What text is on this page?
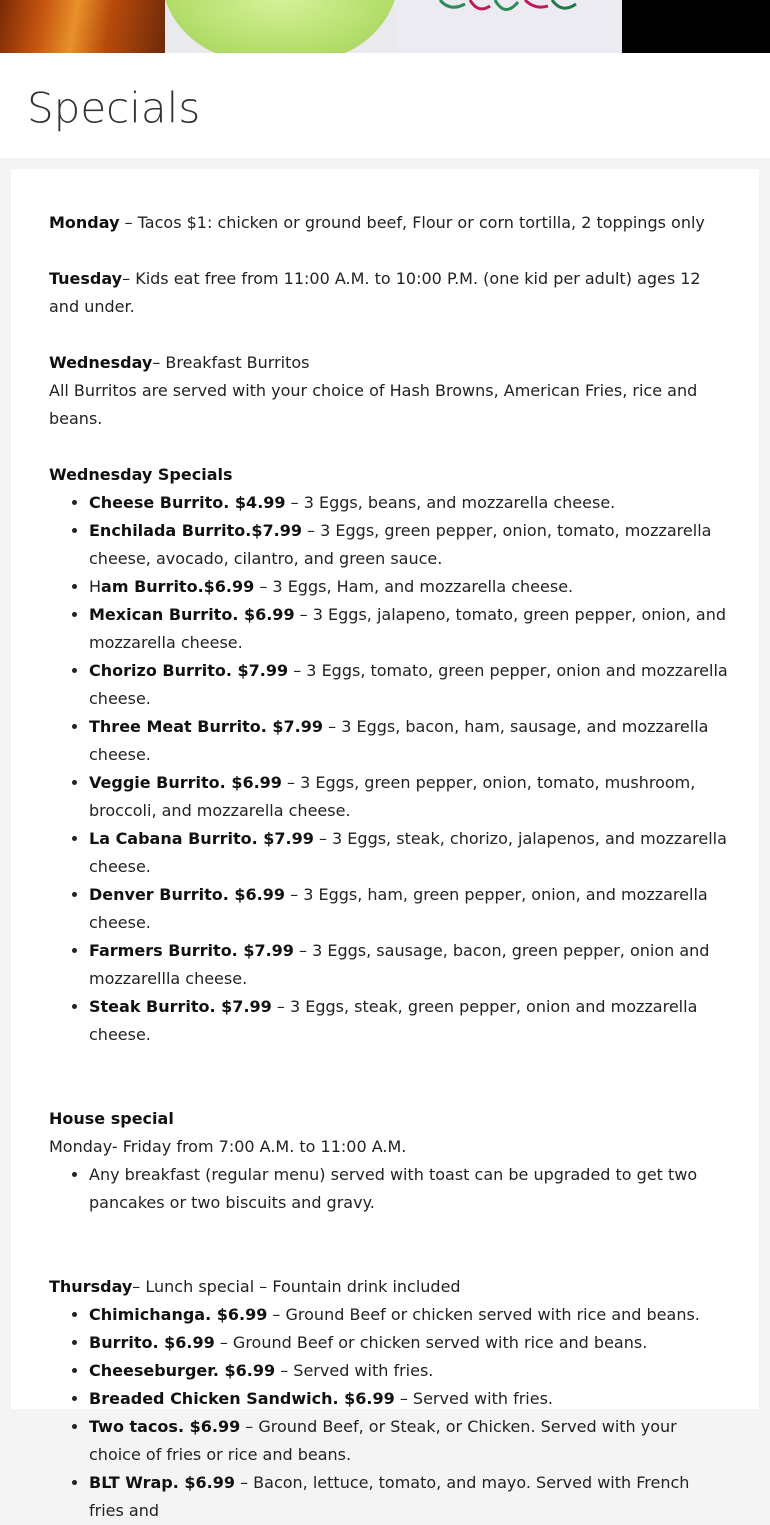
Specials

Monday – Tacos $1: chicken or ground beef, Flour or corn tortilla, 2 toppings only

Tuesday– Kids eat free from 11:00 A.M. to 10:00 P.M. (one kid per adult) ages 12 and under.

Wednesday– Breakfast Burritos

All Burritos are served with your choice of Hash Browns, American Fries, rice and beans.

Wednesday Specials

• Cheese Burrito. $4.99 – 3 Eggs, beans, and mozzarella cheese.
• Enchilada Burrito.$7.99 – 3 Eggs, green pepper, onion, tomato, mozzarella cheese, avocado, cilantro, and green sauce.
• Ham Burrito.$6.99 – 3 Eggs, Ham, and mozzarella cheese.
• Mexican Burrito. $6.99 – 3 Eggs, jalapeno, tomato, green pepper, onion, and mozzarella cheese.
• Chorizo Burrito. $7.99 – 3 Eggs, tomato, green pepper, onion and mozzarella cheese.
• Three Meat Burrito. $7.99 – 3 Eggs, bacon, ham, sausage, and mozzarella cheese.
• Veggie Burrito. $6.99 – 3 Eggs, green pepper, onion, tomato, mushroom, broccoli, and mozzarella cheese.
• La Cabana Burrito. $7.99 – 3 Eggs, steak, chorizo, jalapenos, and mozzarella cheese.
• Denver Burrito. $6.99 – 3 Eggs, ham, green pepper, onion, and mozzarella cheese.
• Farmers Burrito. $7.99 – 3 Eggs, sausage, bacon, green pepper, onion and mozzarellla cheese.
• Steak Burrito. $7.99 – 3 Eggs, steak, green pepper, onion and mozzarella cheese.

House special

Monday- Friday from 7:00 A.M. to 11:00 A.M.

• Any breakfast (regular menu) served with toast can be upgraded to get two pancakes or two biscuits and gravy.

Thursday– Lunch special – Fountain drink included

• Chimichanga. $6.99 – Ground Beef or chicken served with rice and beans.
• Burrito. $6.99 – Ground Beef or chicken served with rice and beans.
• Cheeseburger. $6.99 – Served with fries.
• Breaded Chicken Sandwich. $6.99 – Served with fries.
• Two tacos. $6.99 – Ground Beef, or Steak, or Chicken. Served with your choice of fries or rice and beans.
• BLT Wrap. $6.99 – Bacon, lettuce, tomato, and mayo. Served with French fries and
